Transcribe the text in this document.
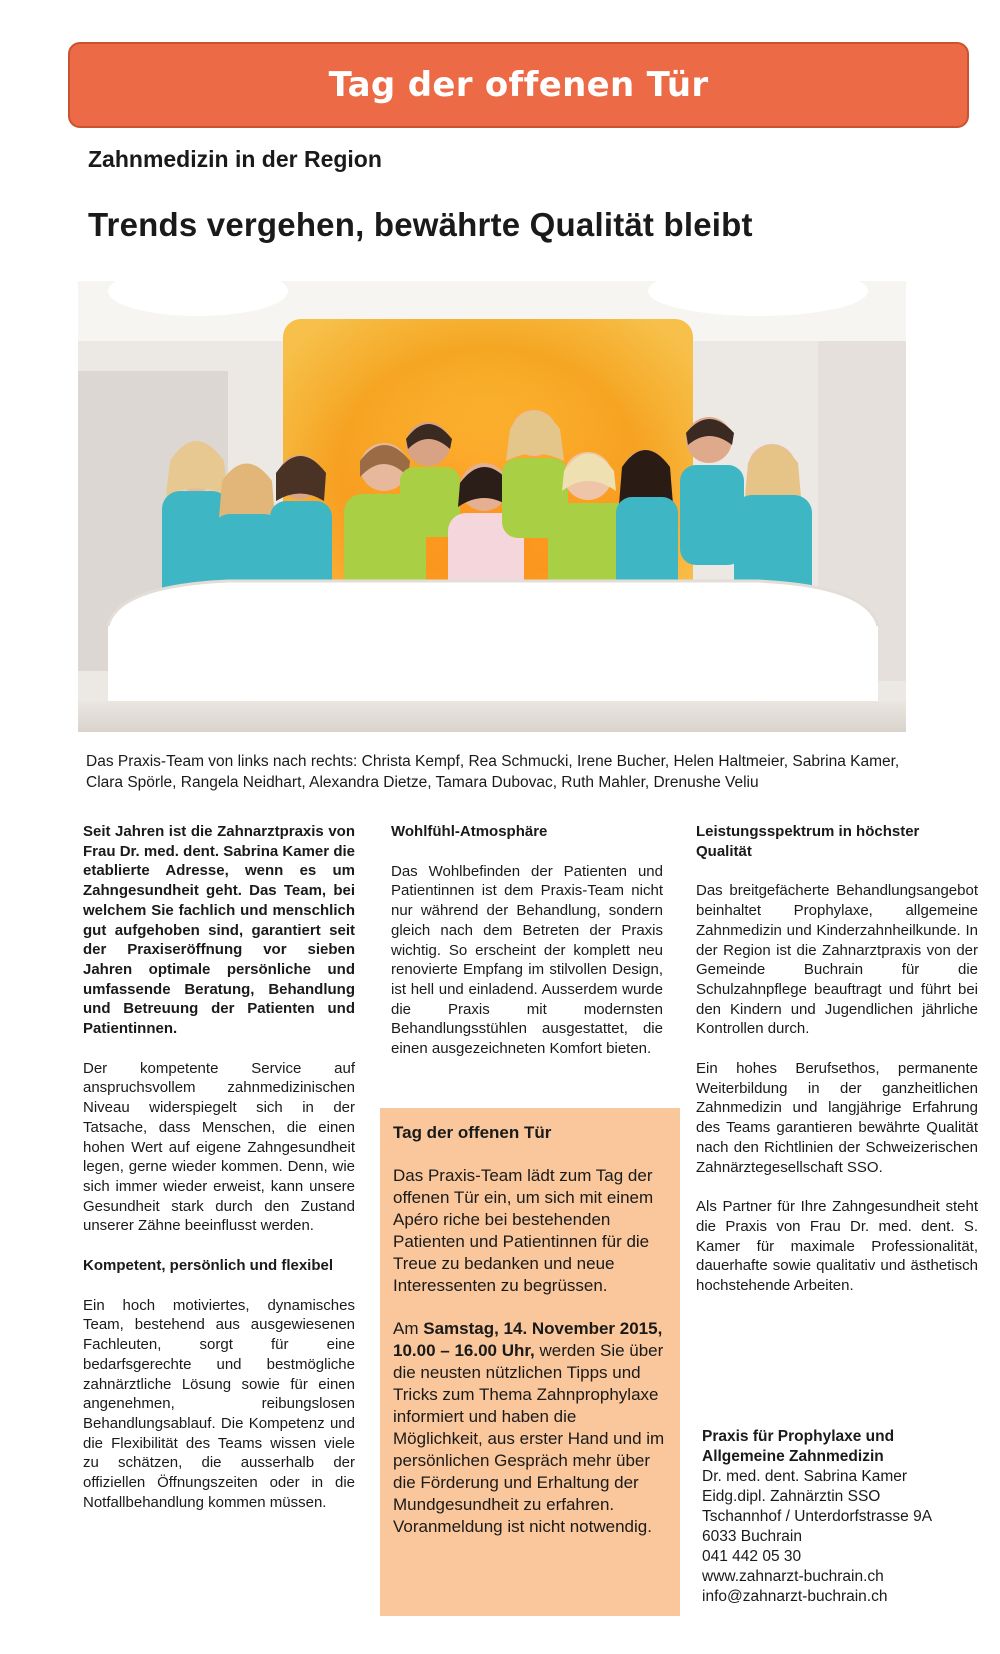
Tag der offenen Tür
Zahnmedizin in der Region
Trends vergehen, bewährte Qualität bleibt

Das Praxis-Team von links nach rechts: Christa Kempf, Rea Schmucki, Irene Bucher, Helen Haltmeier, Sabrina Kamer, Clara Spörle, Rangela Neidhart, Alexandra Dietze, Tamara Dubovac, Ruth Mahler, Drenushe Veliu

Seit Jahren ist die Zahnarztpraxis von Frau Dr. med. dent. Sabrina Kamer die etablierte Adresse, wenn es um Zahngesundheit geht. Das Team, bei welchem Sie fachlich und menschlich gut aufgehoben sind, garantiert seit der Praxiseröffnung vor sieben Jahren optimale persönliche und umfassende Beratung, Behandlung und Betreuung der Patienten und Patientinnen.

Der kompetente Service auf anspruchsvollem zahnmedizinischen Niveau widerspiegelt sich in der Tatsache, dass Menschen, die einen hohen Wert auf eigene Zahngesundheit legen, gerne wieder kommen. Denn, wie sich immer wieder erweist, kann unsere Gesundheit stark durch den Zustand unserer Zähne beeinflusst werden.

Kompetent, persönlich und flexibel

Ein hoch motiviertes, dynamisches Team, bestehend aus ausgewiesenen Fachleuten, sorgt für eine bedarfsgerechte und bestmögliche zahnärztliche Lösung sowie für einen angenehmen, reibungslosen Behandlungsablauf. Die Kompetenz und die Flexibilität des Teams wissen viele zu schätzen, die ausserhalb der offiziellen Öffnungszeiten oder in die Notfallbehandlung kommen müssen.

Wohlfühl-Atmosphäre

Das Wohlbefinden der Patienten und Patientinnen ist dem Praxis-Team nicht nur während der Behandlung, sondern gleich nach dem Betreten der Praxis wichtig. So erscheint der komplett neu renovierte Empfang im stilvollen Design, ist hell und einladend. Ausserdem wurde die Praxis mit modernsten Behandlungsstühlen ausgestattet, die einen ausgezeichneten Komfort bieten.

Tag der offenen Tür

Das Praxis-Team lädt zum Tag der offenen Tür ein, um sich mit einem Apéro riche bei bestehenden Patienten und Patientinnen für die Treue zu bedanken und neue Interessenten zu begrüssen.

Am Samstag, 14. November 2015, 10.00 – 16.00 Uhr, werden Sie über die neusten nützlichen Tipps und Tricks zum Thema Zahnprophylaxe informiert und haben die Möglichkeit, aus erster Hand und im persönlichen Gespräch mehr über die Förderung und Erhaltung der Mundgesundheit zu erfahren. Voranmeldung ist nicht notwendig.

Leistungsspektrum in höchster Qualität

Das breitgefächerte Behandlungsangebot beinhaltet Prophylaxe, allgemeine Zahnmedizin und Kinderzahnheilkunde. In der Region ist die Zahnarztpraxis von der Gemeinde Buchrain für die Schulzahnpflege beauftragt und führt bei den Kindern und Jugendlichen jährliche Kontrollen durch.

Ein hohes Berufsethos, permanente Weiterbildung in der ganzheitlichen Zahnmedizin und langjährige Erfahrung des Teams garantieren bewährte Qualität nach den Richtlinien der Schweizerischen Zahnärztegesellschaft SSO.

Als Partner für Ihre Zahngesundheit steht die Praxis von Frau Dr. med. dent. S. Kamer für maximale Professionalität, dauerhafte sowie qualitativ und ästhetisch hochstehende Arbeiten.

Praxis für Prophylaxe und

Allgemeine Zahnmedizin

Dr. med. dent. Sabrina Kamer

Eidg.dipl. Zahnärztin SSO

Tschannhof / Unterdorfstrasse 9A

6033 Buchrain

041 442 05 30

www.zahnarzt-buchrain.ch

info@zahnarzt-buchrain.ch
